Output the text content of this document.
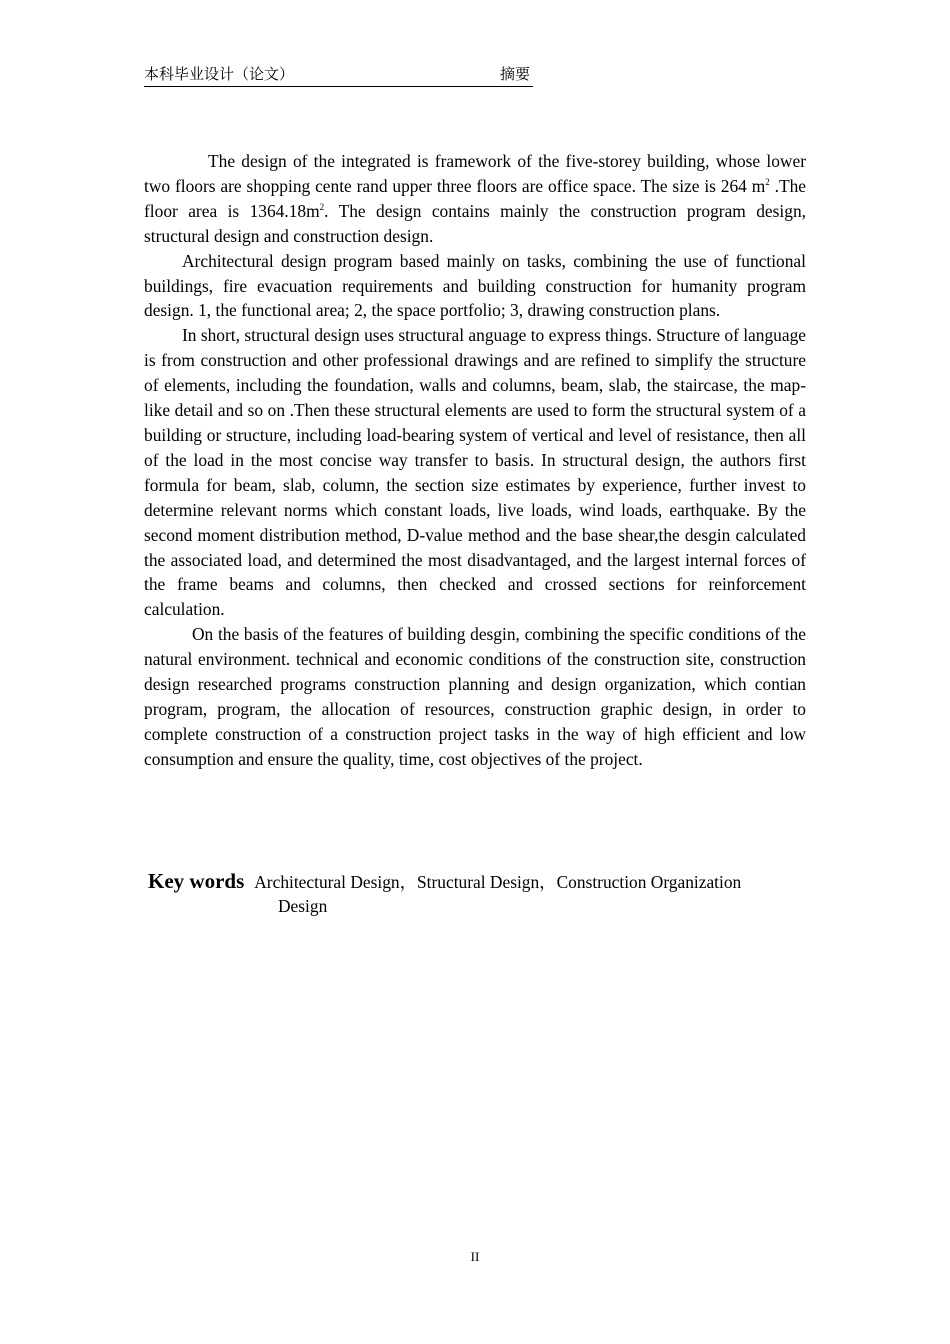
本科毕业设计（论文）	摘要

The design of the integrated is framework of the five-storey building, whose lower two floors are shopping cente rand upper three floors are office space. The size is 264 $m^2$ .The floor area is $1364.18m^2$. The design contains mainly the construction program design, structural design and construction design.

Architectural design program based mainly on tasks, combining the use of functional buildings, fire evacuation requirements and building construction for humanity program design. 1, the functional area; 2, the space portfolio; 3, drawing construction plans.

In short, structural design uses structural anguage to express things. Structure of language is from construction and other professional drawings and are refined to simplify the structure of elements, including the foundation, walls and columns, beam, slab, the staircase, the map-like detail and so on .Then these structural elements are used to form the structural system of a building or structure, including load-bearing system of vertical and level of resistance, then all of the load in the most concise way transfer to basis. In structural design, the authors first formula for beam, slab, column, the section size estimates by experience, further invest to determine relevant norms which constant loads, live loads, wind loads, earthquake. By the second moment distribution method, D-value method and the base shear,the desgin calculated the associated load, and determined the most disadvantaged, and the largest internal forces of the frame beams and columns, then checked and crossed sections for reinforcement calculation.

On the basis of the features of building desgin, combining the specific conditions of the natural environment. technical and economic conditions of the construction site, construction design researched programs construction planning and design organization, which contian program, program, the allocation of resources, construction graphic design, in order to complete construction of a construction project tasks in the way of high efficient and low consumption and ensure the quality, time, cost objectives of the project.

Key words Architectural Design，Structural Design，Construction Organization
Design
II
